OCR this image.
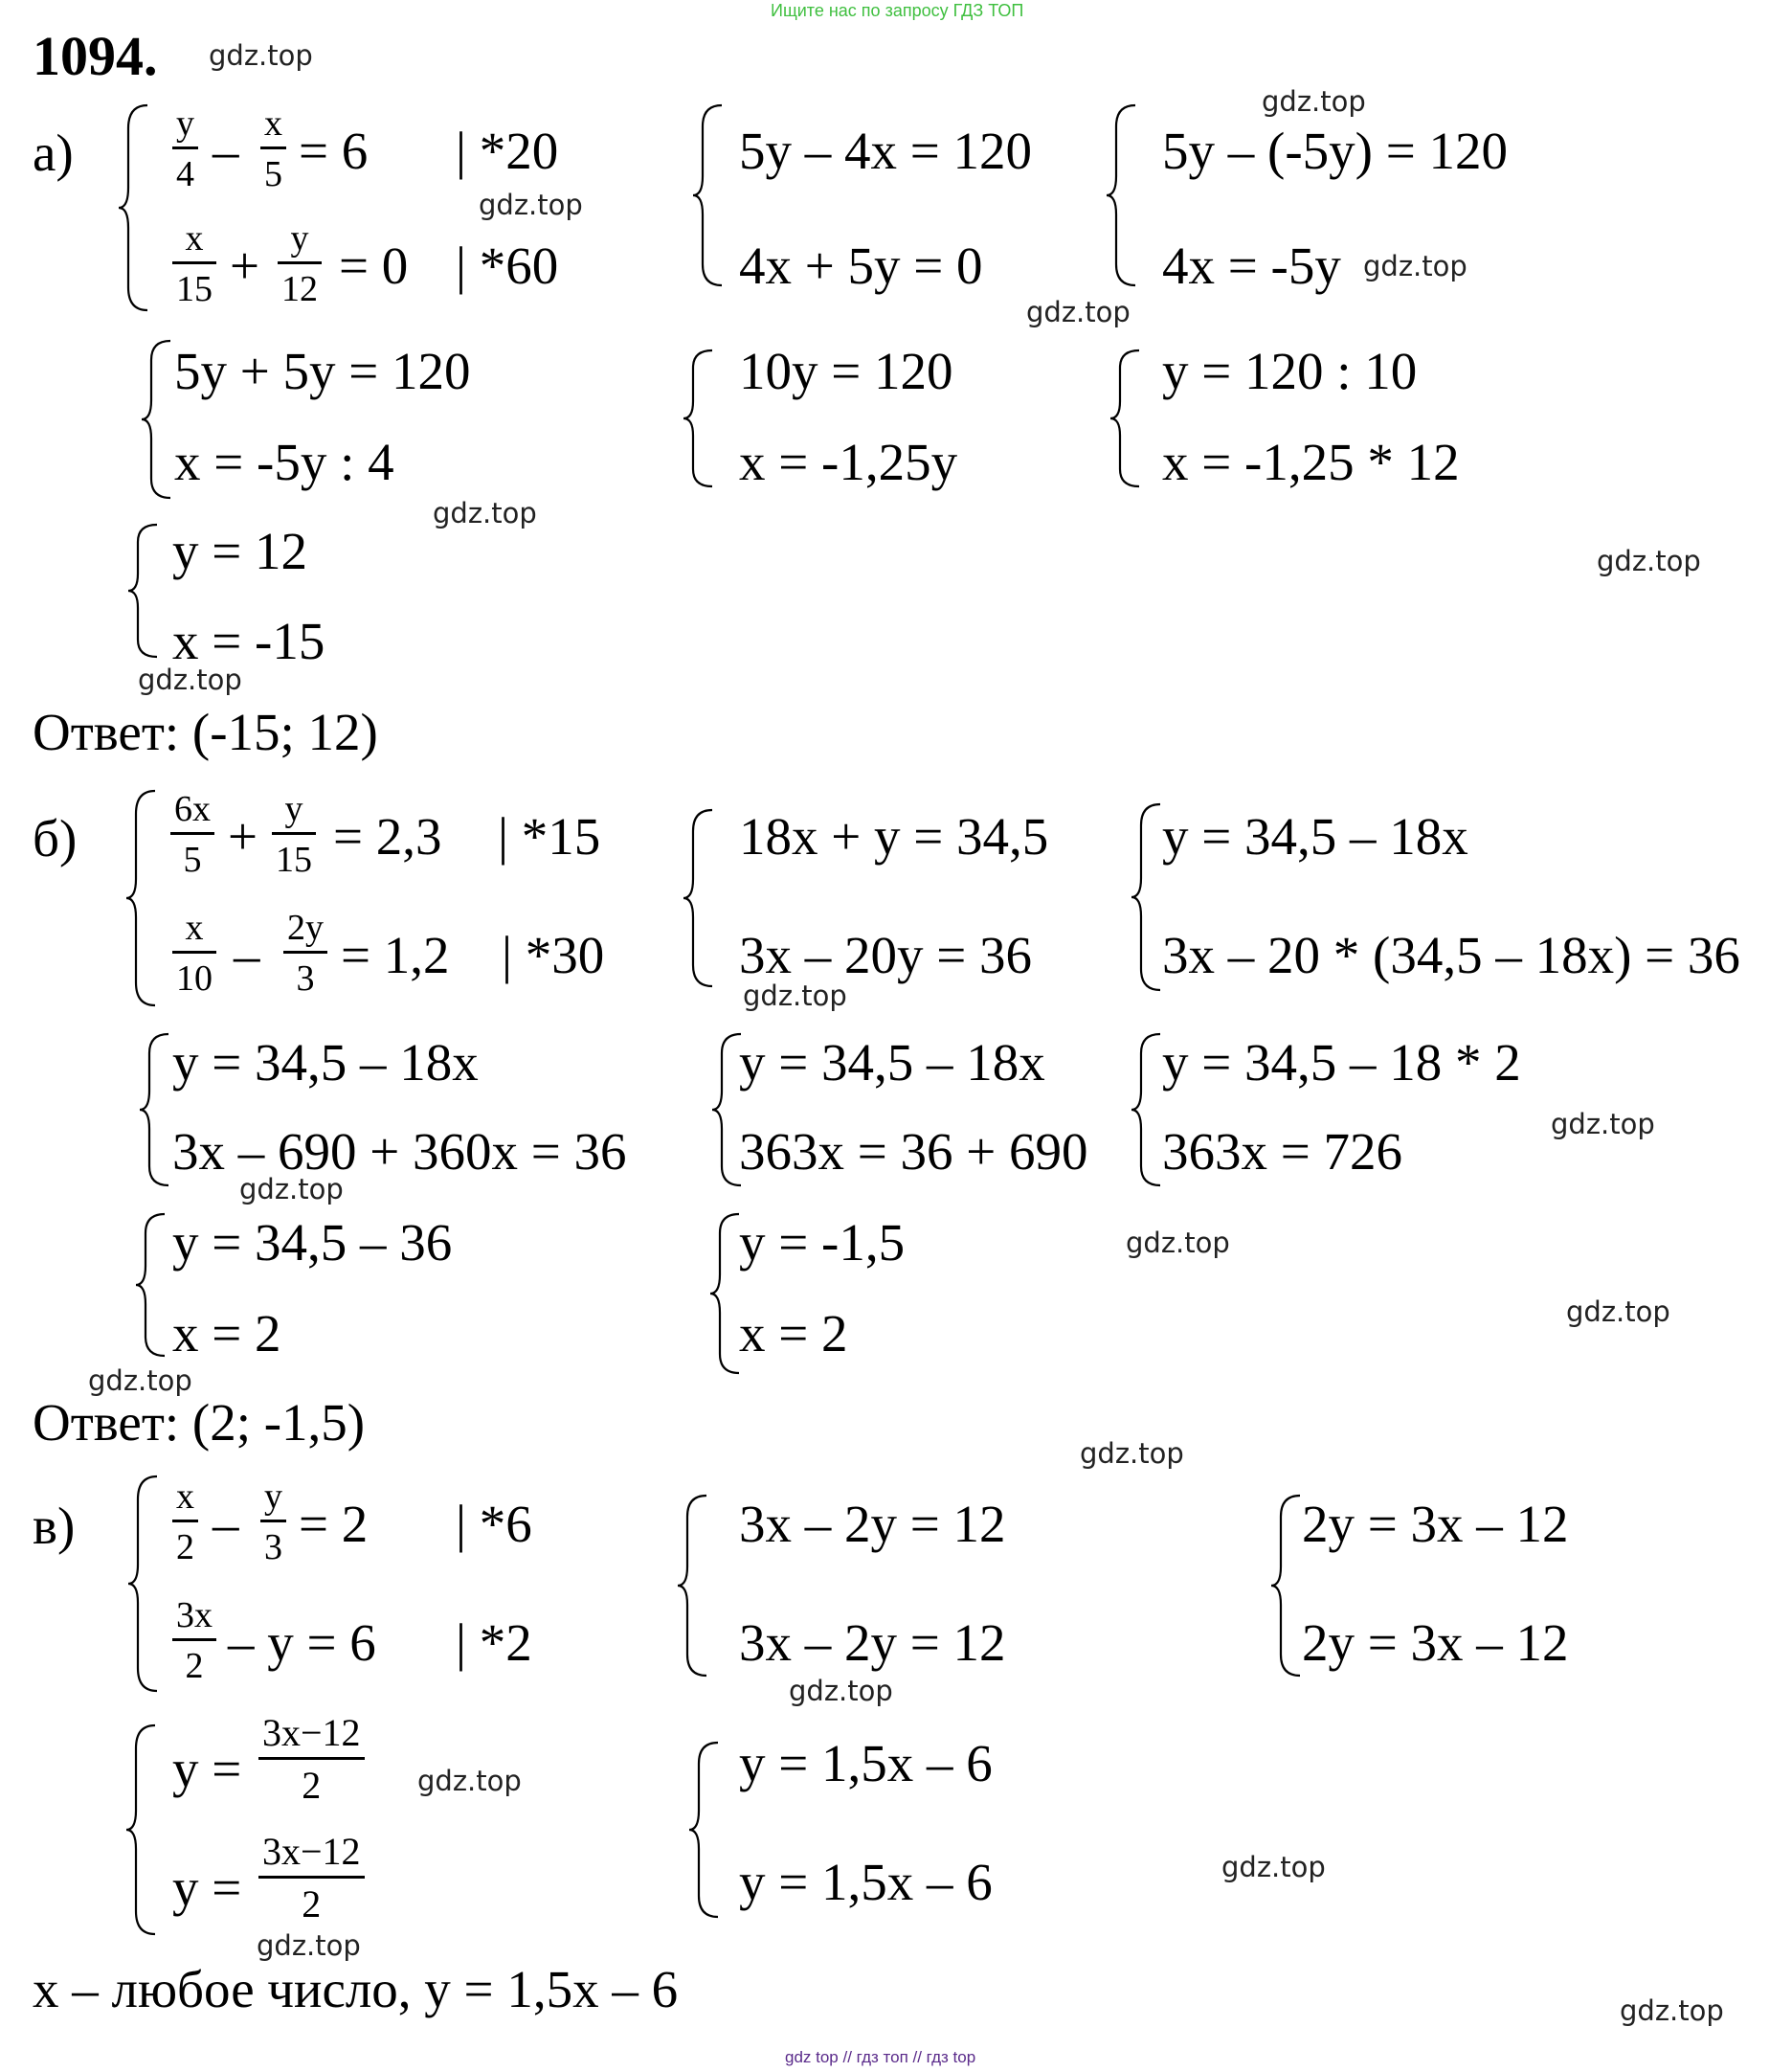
Ищите нас по запросу ГДЗ ТОП
1094.
а)	y
4 – x
5 = 6 | *20
x
15 + y
12 = 0 | *60
5y – 4x = 120
4x + 5y = 0
5y – (-5y) = 120
4x = -5y
5y + 5y = 120
x = -5y : 4
10y = 120
x = -1,25y
y = 120 : 10
x = -1,25 * 12
y = 12
x = -15
Ответ: (-15; 12)
б)	6x
5 + y
15 = 2,3 | *15
x
10 – 2y
3 = 1,2 | *30
18x + y = 34,5
3x – 20y = 36
y = 34,5 – 18x
3x – 20 * (34,5 – 18x) = 36
y = 34,5 – 18x
3x – 690 + 360x = 36
y = 34,5 – 18x
363x = 36 + 690
y = 34,5 – 18 * 2
363x = 726
y = 34,5 – 36
x = 2
y = -1,5
x = 2
Ответ: (2; -1,5)
в)	x
2 – y
3 = 2 | *6
3x
2 – y = 6 | *2
3x – 2y = 12
3x – 2y = 12
2y = 3x – 12
2y = 3x – 12
y =
3x−12
2
y =
3x−12
2
y = 1,5x – 6
y = 1,5x – 6
x – любое число, y = 1,5x – 6
gdz.top
gdz.top
gdz.top
gdz.top
gdz.top
gdz.top
gdz.top
gdz.top
gdz.top
gdz.top
gdz.top
gdz.top
gdz.top
gdz.top
gdz.top
gdz.top
gdz.top
gdz.top
gdz.top
gdz.top
gdz top // гдз топ // гдз top
